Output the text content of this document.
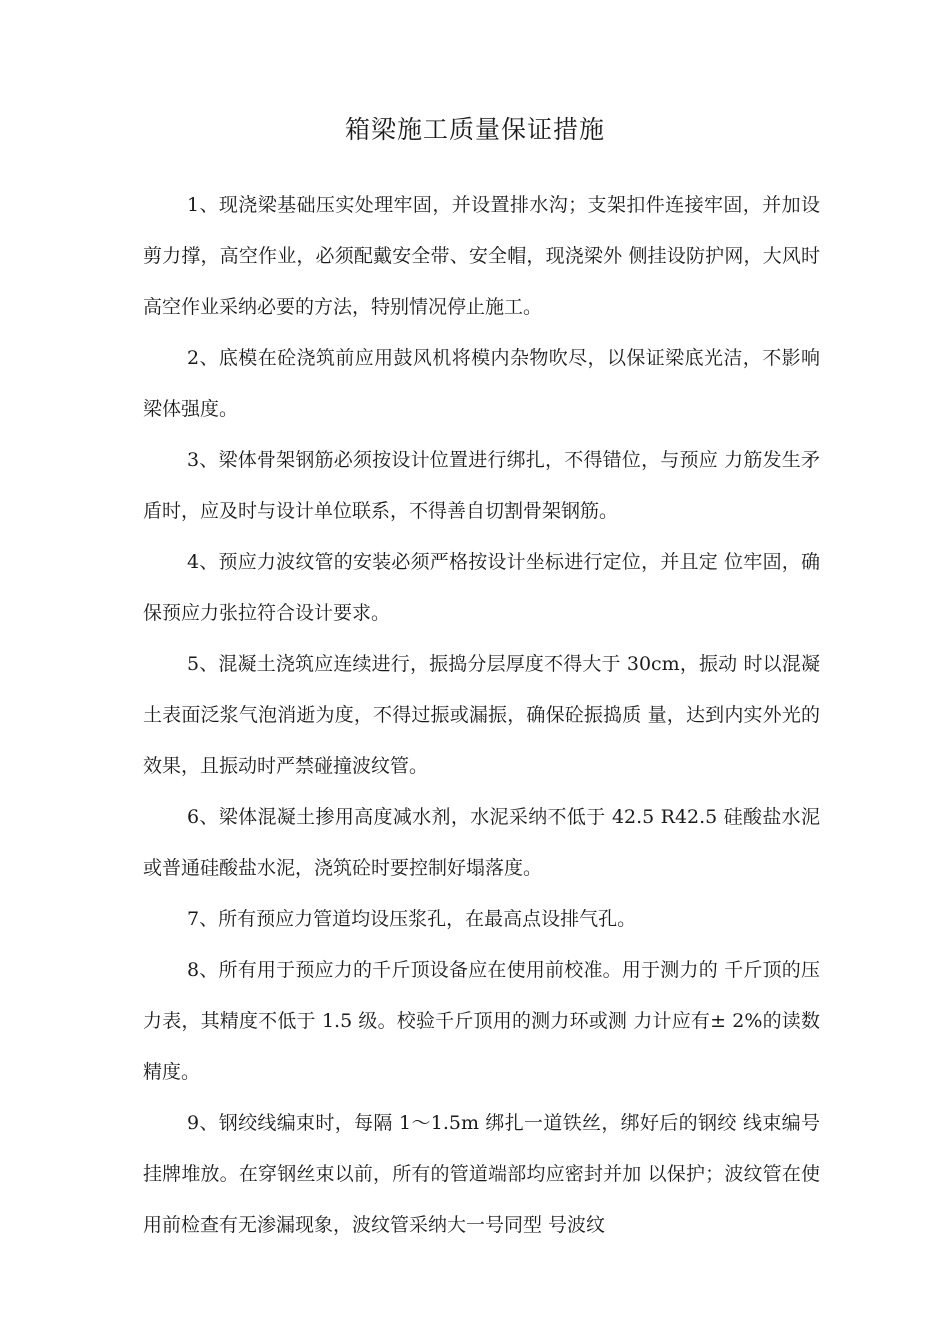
箱梁施工质量保证措施

1、现浇梁基础压实处理牢固，并设置排水沟；支架扣件连接牢固，并加设剪力撑，高空作业，必须配戴安全带、安全帽，现浇梁外 侧挂设防护网，大风时高空作业采纳必要的方法，特别情况停止施工。

2、底模在砼浇筑前应用鼓风机将模内杂物吹尽，以保证梁底光洁，不影响梁体强度。

3、梁体骨架钢筋必须按设计位置进行绑扎，不得错位，与预应 力筋发生矛盾时，应及时与设计单位联系，不得善自切割骨架钢筋。

4、预应力波纹管的安装必须严格按设计坐标进行定位，并且定 位牢固，确保预应力张拉符合设计要求。

5、混凝土浇筑应连续进行，振捣分层厚度不得大于 30cm，振动 时以混凝土表面泛浆气泡消逝为度，不得过振或漏振，确保砼振捣质 量，达到内实外光的效果，且振动时严禁碰撞波纹管。

6、梁体混凝土掺用高度减水剂，水泥采纳不低于 42.5 R42.5 硅酸盐水泥或普通硅酸盐水泥，浇筑砼时要控制好塌落度。

7、所有预应力管道均设压浆孔，在最高点设排气孔。

8、所有用于预应力的千斤顶设备应在使用前校准。用于测力的 千斤顶的压力表，其精度不低于 1.5 级。校验千斤顶用的测力环或测 力计应有± 2%的读数精度。

9、钢绞线编束时，每隔 1〜1.5m 绑扎一道铁丝，绑好后的钢绞 线束编号挂牌堆放。在穿钢丝束以前，所有的管道端部均应密封并加 以保护；波纹管在使用前检查有无渗漏现象，波纹管采纳大一号同型 号波纹
